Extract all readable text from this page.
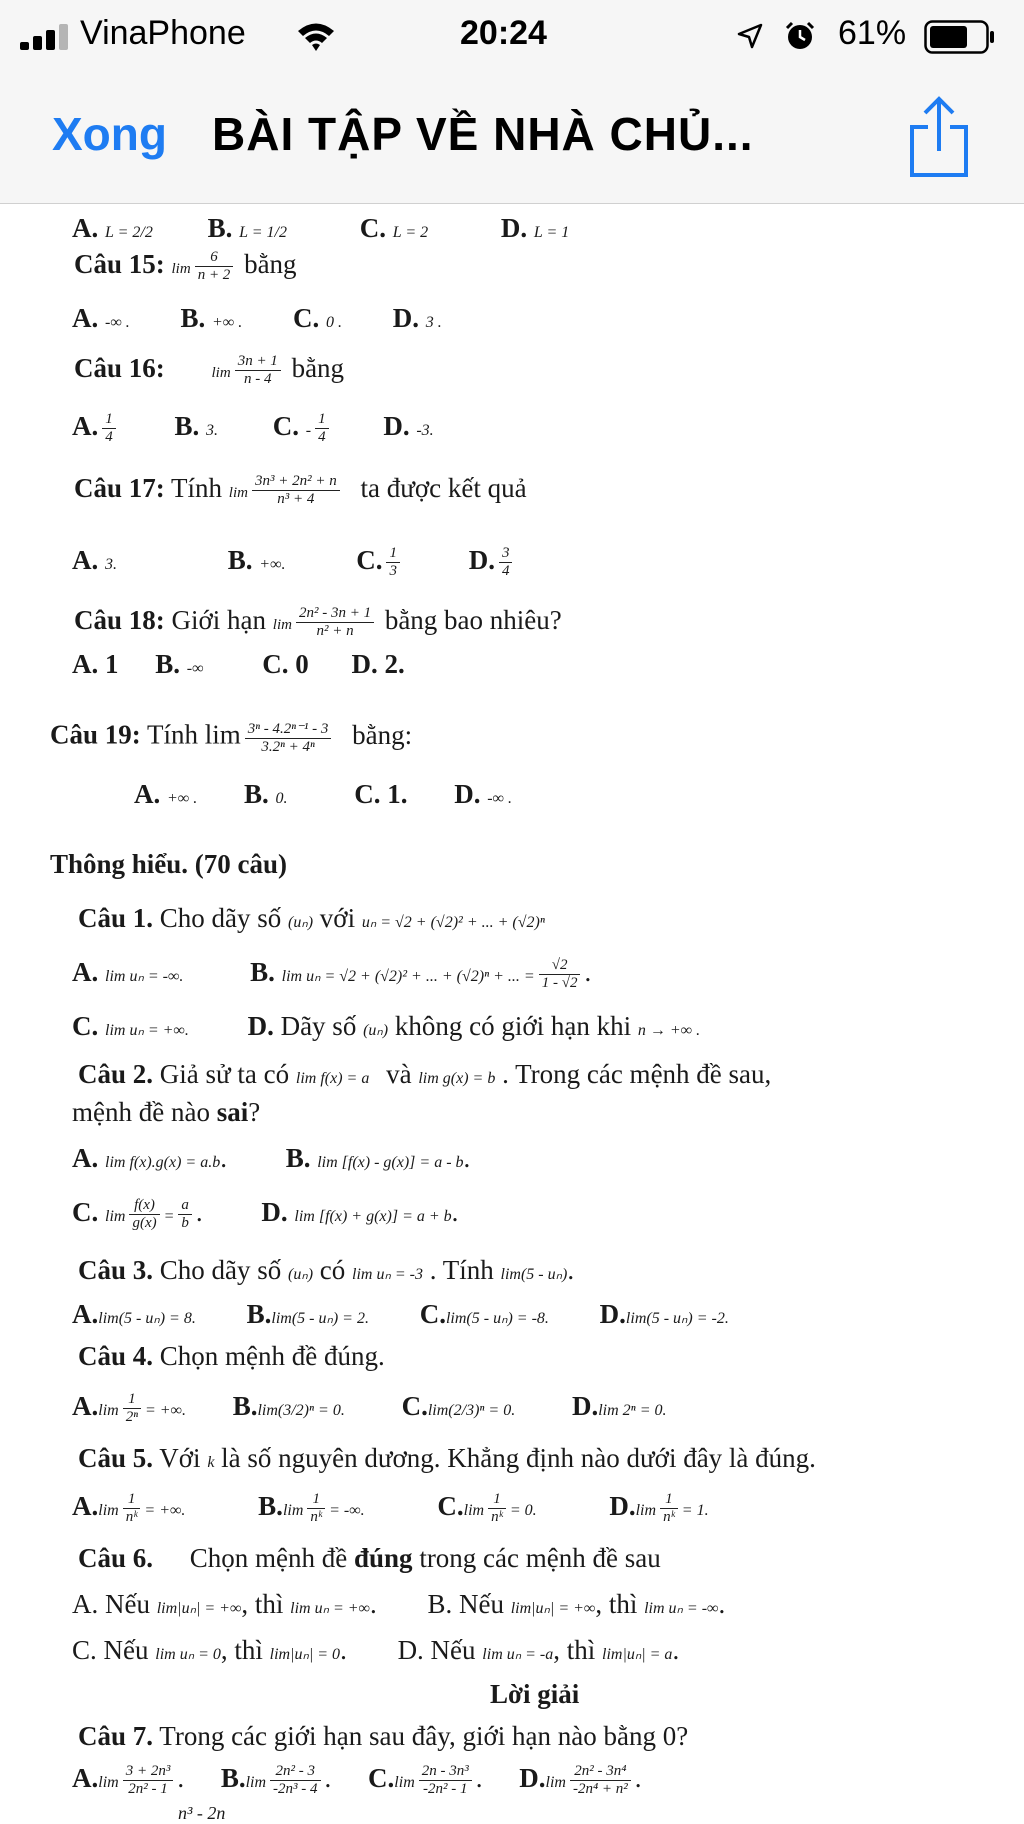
VinaPhone	20:24	61%
Xong BÀI TẬP VỀ NHÀ CHỦ...
A. L = 2/2 B. L = 1/2	C. L = 2	D. L = 1
Câu 15: $\lim \frac{6}{n + 2}$ bằng
A. -∞ . B. +∞ . C. 0 . D. 3 .
Câu 16:	$\lim \frac{3n + 1}{n - 4}$ bằng
A. $\frac{1}{4} B$. 3. C. - $\frac{1}{4} D$. -3.
Câu 17: Tính $\lim \frac{\text{3n³ + 2n² + n}}{\text{n³ + 4}}$ ta được kết quả
A. 3.	B. +∞.	C. $\frac{1}{3}$	D. $\frac{3}{4}$
Câu 18: Giới hạn $\lim \frac{\text{2n² - 3n + 1}}{\text{n² + n}}$ bằng bao nhiêu?
A. 1 B. -∞ C. 0 D. 2.
Câu 19: Tính $\lim \frac{\text{3ⁿ - 4.2ⁿ⁻¹ - 3}}{\text{3.2ⁿ + 4ⁿ}}$ bằng:
A. +∞ . B. 0. C. 1. D. -∞ .
Thông hiểu. (70 câu)
Câu 1. Cho dãy số (uₙ) với uₙ = √2 + (√2)² + ... + (√2)ⁿ
A. lim uₙ = -∞. B. lim uₙ = √2 + (√2)² + ... + (√2)ⁿ + ... = $\frac{√2}{1 - √2}$ .
C. lim uₙ = +∞. D. Dãy số (uₙ) không có giới hạn khi n → +∞ .
Câu 2. Giả sử ta có lim f(x) = a và lim g(x) = b . Trong các mệnh đề sau,
mệnh đề nào sai?
A. lim f(x).g(x) = a.b. B. lim [f(x) - g(x)] = a - b.
C. $\lim \frac{f(x)}{g(x)} = \frac{a}{b}$ . D. lim [f(x) + g(x)] = a + b.
Câu 3. Cho dãy số (uₙ) có lim uₙ = -3 . Tính lim(5 - uₙ).
A.lim(5 - uₙ) = 8. B.lim(5 - uₙ) = 2. C.lim(5 - uₙ) = -8. D.lim(5 - uₙ) = -2.
Câu 4. Chọn mệnh đề đúng.
$A.\lim \frac{1}{\text{2ⁿ}}$ = +∞. B.lim(3/2)ⁿ = 0. C.lim(2/3)ⁿ = 0. D.lim 2ⁿ = 0.
Câu 5. Với k là số nguyên dương. Khẳng định nào dưới đây là đúng.
$A.\lim \frac{1}{\text{nᵏ}}$ = +∞.	$B.\lim \frac{1}{\text{nᵏ}}$ = -∞.	$C.\lim \frac{1}{\text{nᵏ}} = 0$.	$D.\lim \frac{1}{\text{nᵏ}} = 1$.
Câu 6. Chọn mệnh đề đúng trong các mệnh đề sau
A. Nếu lim|uₙ| = +∞, thì lim uₙ = +∞. B. Nếu lim|uₙ| = +∞, thì lim uₙ = -∞.
C. Nếu lim uₙ = 0, thì lim|uₙ| = 0. D. Nếu lim uₙ = -a, thì lim|uₙ| = a.
Lời giải
Câu 7. Trong các giới hạn sau đây, giới hạn nào bằng 0?
$A.\lim \frac{\text{3 + 2n³}}{\text{2n² - 1}}$ . $B.\lim \frac{\text{2n² - 3}}{\text{-2n³ - 4}}$ . $C.\lim \frac{\text{2n - 3n³}}{\text{-2n² - 1}}$ . $D.\lim \frac{\text{2n² - 3n⁴}}{\text{-2n⁴ + n²}}$ .
n³ - 2n
